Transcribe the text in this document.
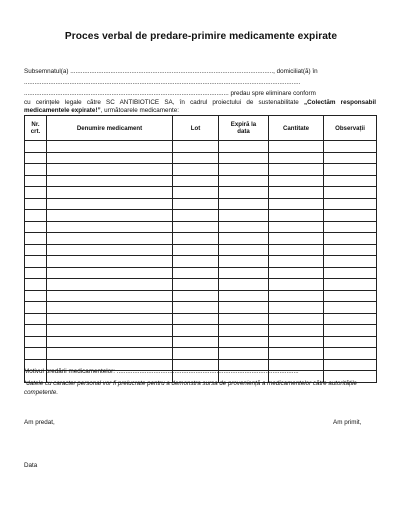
Proces verbal de predare-primire medicamente expirate
Subsemnatul(a) ...................................................................................................................., domiciliat(ă) în
..............................................................................................................................................................
..................................................................................................................... predau spre eliminare conform
cu cerințele legale către SC ANTIBIOTICE SA, în cadrul proiectului de sustenabilitate „Colectăm responsabil
medicamentele expirate!”, următoarele medicamente:
Nr. crt.	Denumire medicament	Lot	Expiră la data	Cantitate	Observații

Motivul predării medicamentelor: ........................................................................................................
*datele cu caracter personal vor fi prelucrate pentru a demonstra sursa de proveniență a medicamentelor către autoritățile competente.
Am predat,	Am primit,
Data
